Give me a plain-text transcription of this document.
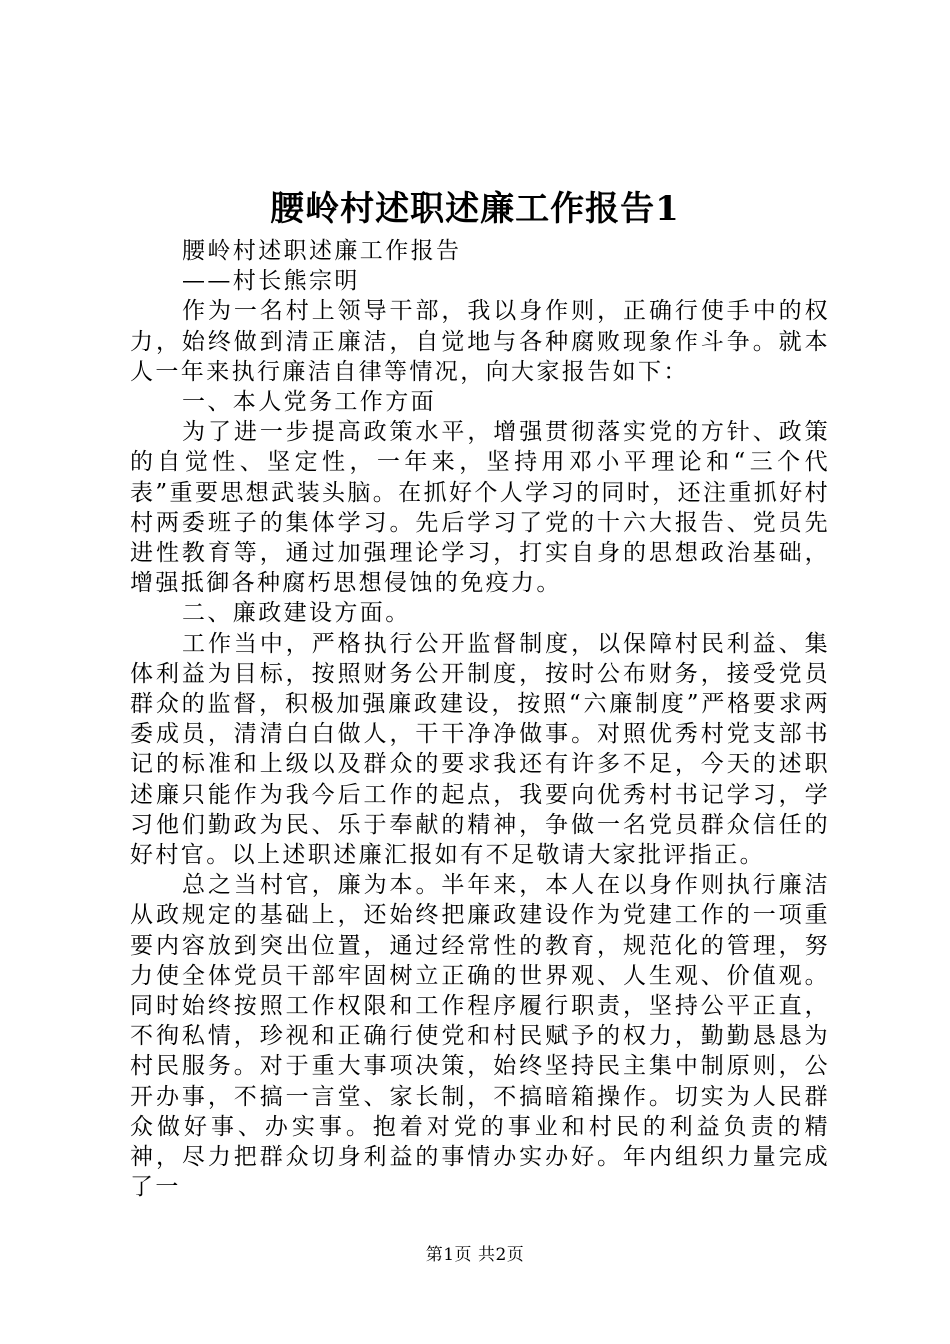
腰岭村述职述廉工作报告1

腰岭村述职述廉工作报告

——村长熊宗明

作为一名村上领导干部，我以身作则，正确行使手中的权力，始终做到清正廉洁，自觉地与各种腐败现象作斗争。就本人一年来执行廉洁自律等情况，向大家报告如下：

一、本人党务工作方面

为了进一步提高政策水平，增强贯彻落实党的方针、政策的自觉性、坚定性，一年来，坚持用邓小平理论和“三个代表”重要思想武装头脑。在抓好个人学习的同时，还注重抓好村村两委班子的集体学习。先后学习了党的十六大报告、党员先进性教育等，通过加强理论学习，打实自身的思想政治基础，增强抵御各种腐朽思想侵蚀的免疫力。

二、廉政建设方面。

工作当中，严格执行公开监督制度，以保障村民利益、集体利益为目标，按照财务公开制度，按时公布财务，接受党员群众的监督，积极加强廉政建设，按照“六廉制度”严格要求两委成员，清清白白做人，干干净净做事。对照优秀村党支部书记的标准和上级以及群众的要求我还有许多不足，今天的述职述廉只能作为我今后工作的起点，我要向优秀村书记学习，学习他们勤政为民、乐于奉献的精神，争做一名党员群众信任的好村官。以上述职述廉汇报如有不足敬请大家批评指正。

总之当村官，廉为本。半年来，本人在以身作则执行廉洁从政规定的基础上，还始终把廉政建设作为党建工作的一项重要内容放到突出位置，通过经常性的教育，规范化的管理，努力使全体党员干部牢固树立正确的世界观、人生观、价值观。同时始终按照工作权限和工作程序履行职责，坚持公平正直，不徇私情，珍视和正确行使党和村民赋予的权力，勤勤恳恳为村民服务。对于重大事项决策，始终坚持民主集中制原则，公开办事，不搞一言堂、家长制，不搞暗箱操作。切实为人民群众做好事、办实事。抱着对党的事业和村民的利益负责的精神，尽力把群众切身利益的事情办实办好。年内组织力量完成了一

第1页 共2页
